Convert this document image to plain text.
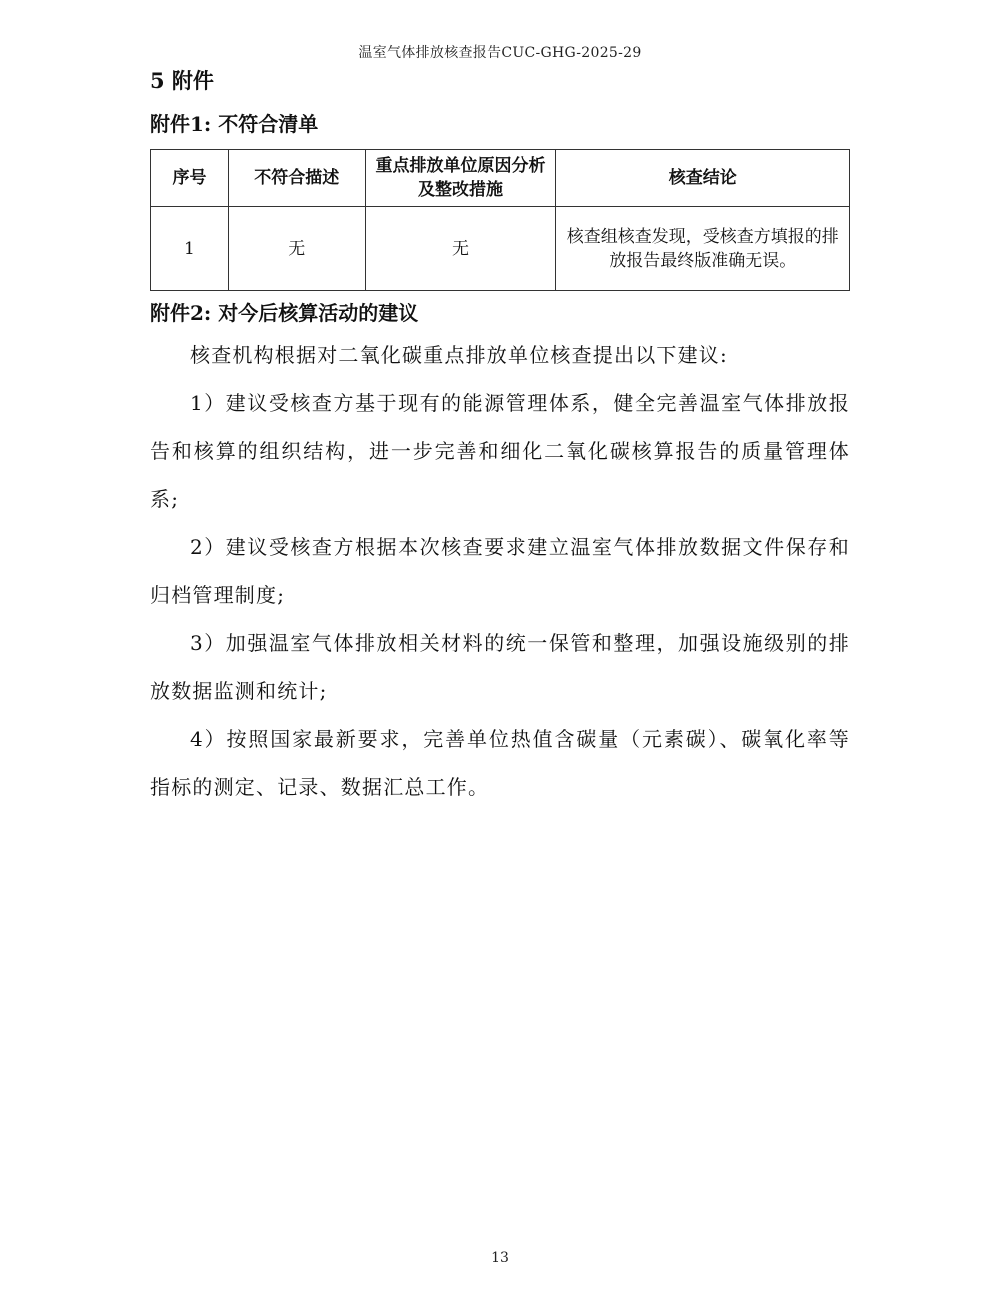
温室气体排放核查报告CUC-GHG-2025-29
5 附件
附件1: 不符合清单
序号	不符合描述	重点排放单位原因分析及整改措施	核查结论
1	无	无	核查组核查发现，受核查方填报的排放报告最终版准确无误。
附件2: 对今后核算活动的建议

核查机构根据对二氧化碳重点排放单位核查提出以下建议:

1）建议受核查方基于现有的能源管理体系，健全完善温室气体排放报告和核算的组织结构，进一步完善和细化二氧化碳核算报告的质量管理体系;

2）建议受核查方根据本次核查要求建立温室气体排放数据文件保存和归档管理制度;

3）加强温室气体排放相关材料的统一保管和整理，加强设施级别的排放数据监测和统计;

4）按照国家最新要求，完善单位热值含碳量（元素碳）、碳氧化率等指标的测定、记录、数据汇总工作。

13
